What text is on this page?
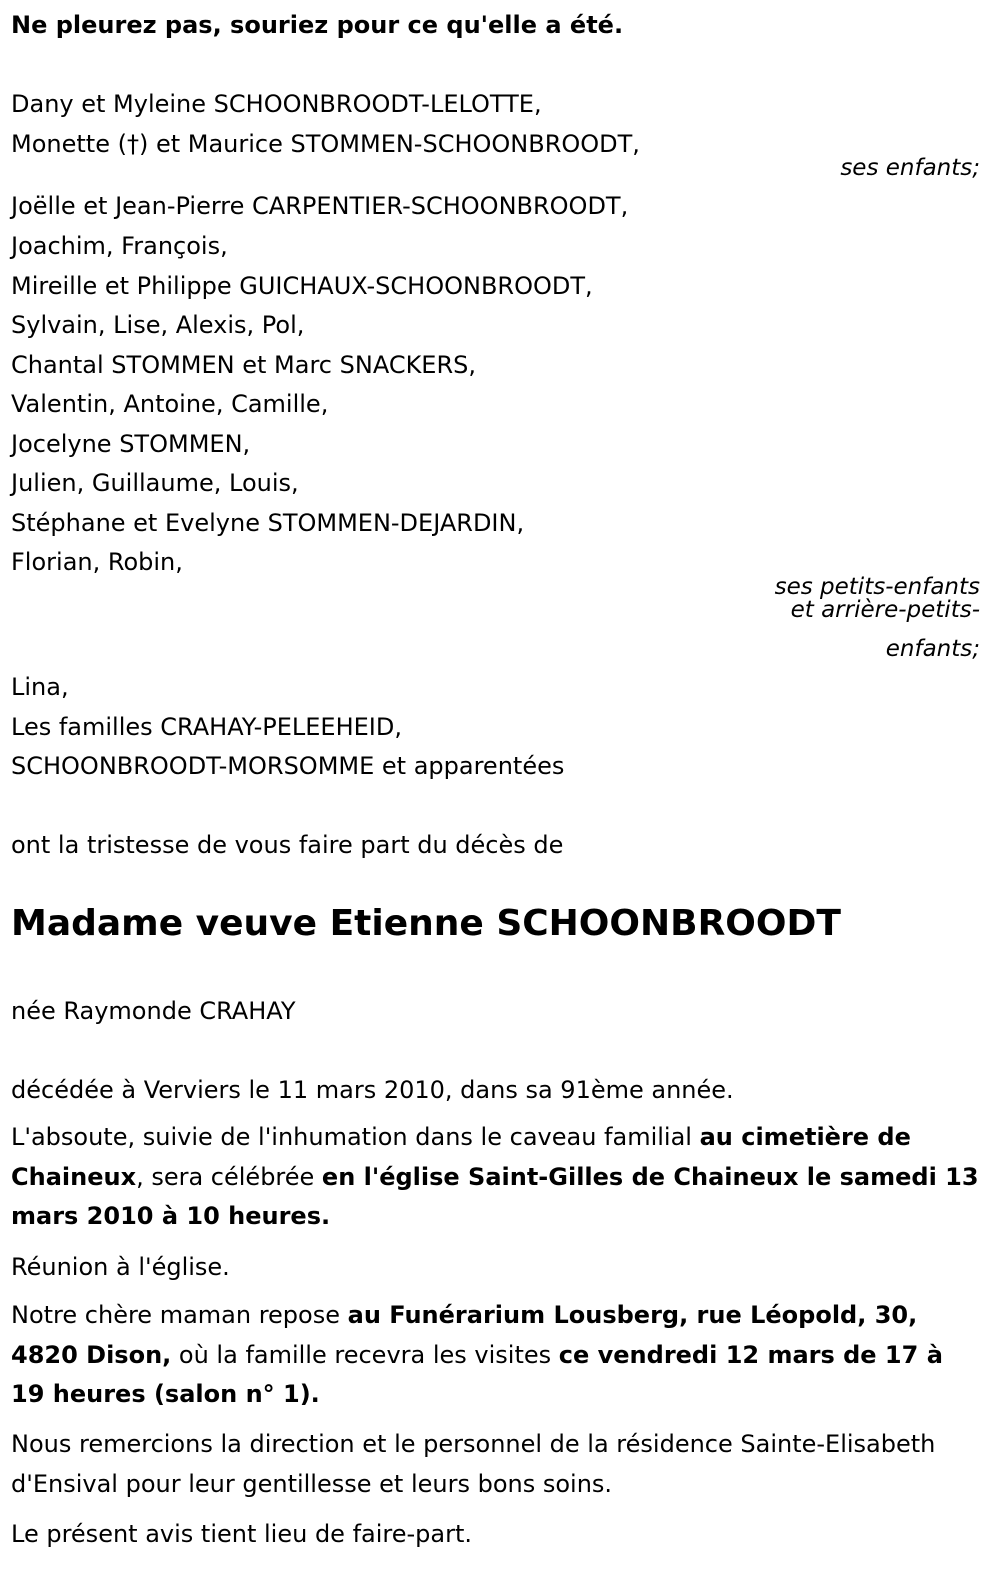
Ne pleurez pas, souriez pour ce qu'elle a été.

Dany et Myleine SCHOONBROODT-LELOTTE,

Monette (†) et Maurice STOMMEN-SCHOONBROODT,

ses enfants;

Joëlle et Jean-Pierre CARPENTIER-SCHOONBROODT,

Joachim, François,

Mireille et Philippe GUICHAUX-SCHOONBROODT,

Sylvain, Lise, Alexis, Pol,

Chantal STOMMEN et Marc SNACKERS,

Valentin, Antoine, Camille,

Jocelyne STOMMEN,

Julien, Guillaume, Louis,

Stéphane et Evelyne STOMMEN-DEJARDIN,

Florian, Robin,

ses petits-enfants

et arrière-petits-

enfants;

Lina,

Les familles CRAHAY-PELEEHEID,

SCHOONBROODT-MORSOMME et apparentées

ont la tristesse de vous faire part du décès de

Madame veuve Etienne SCHOONBROODT

née Raymonde CRAHAY

décédée à Verviers le 11 mars 2010, dans sa 91ème année.

L'absoute, suivie de l'inhumation dans le caveau familial au cimetière de Chaineux, sera célébrée en l'église Saint-Gilles de Chaineux le samedi 13 mars 2010 à 10 heures.

Réunion à l'église.

Notre chère maman repose au Funérarium Lousberg, rue Léopold, 30, 4820 Dison, où la famille recevra les visites ce vendredi 12 mars de 17 à 19 heures (salon n° 1).

Nous remercions la direction et le personnel de la résidence Sainte-Elisabeth d'Ensival pour leur gentillesse et leurs bons soins.

Le présent avis tient lieu de faire-part.
